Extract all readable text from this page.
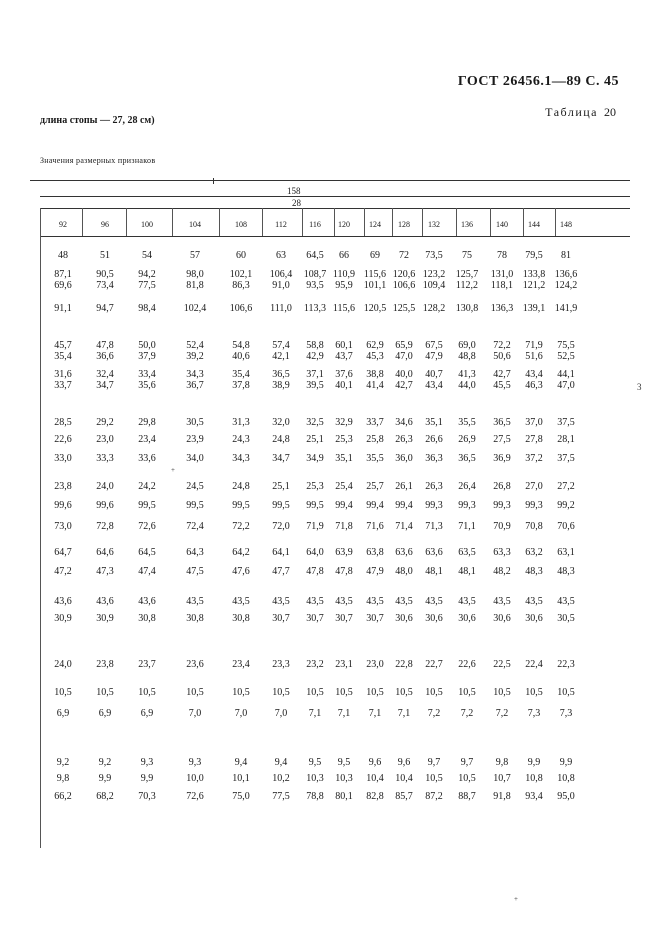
ГОСТ 26456.1—89 С. 45
длина стопы — 27, 28 см)
Таблица 20
Значения размерных признаков
158
28
92	96	100	104	108	112	116	120	124	128	132	136	140	144	148
48	51	54	57	60	63	64,5	66	69	72	73,5	75	78	79,5	81
87,1	90,5	94,2	98,0	102,1	106,4	108,7 110,9 115,6 120,6 123,2	125,7	131,0 133,8 136,6
69,6	73,4	77,5	81,8	86,3	91,0	93,5	95,9	101,1 106,6 109,4	112,2	118,1 121,2 124,2
91,1	94,7	98,4	102,4	106,6	111,0	113,3 115,6 120,5 125,5 128,2	130,8	136,3 139,1 141,9
45,7	47,8	50,0	52,4	54,8	57,4	58,8	60,1	62,9	65,9	67,5	69,0	72,2	71,9	75,5
35,4	36,6	37,9	39,2	40,6	42,1	42,9	43,7	45,3	47,0	47,9	48,8	50,6	51,6	52,5
31,6	32,4	33,4	34,3	35,4	36,5	37,1	37,6	38,8	40,0	40,7	41,3	42,7	43,4	44,1
33,7	34,7	35,6	36,7	37,8	38,9	39,5	40,1	41,4	42,7	43,4	44,0	45,5	46,3	47,0
28,5	29,2	29,8	30,5	31,3	32,0	32,5	32,9	33,7	34,6	35,1	35,5	36,5	37,0	37,5
22,6	23,0	23,4	23,9	24,3	24,8	25,1	25,3	25,8	26,3	26,6	26,9	27,5	27,8	28,1
33,0	33,3	33,6	34,0	34,3	34,7	34,9	35,1	35,5	36,0	36,3	36,5	36,9	37,2	37,5
23,8	24,0	24,2	24,5	24,8	25,1	25,3	25,4	25,7	26,1	26,3	26,4	26,8	27,0	27,2
99,6	99,6	99,5	99,5	99,5	99,5	99,5	99,4	99,4	99,4	99,3	99,3	99,3	99,3	99,2
73,0	72,8	72,6	72,4	72,2	72,0	71,9	71,8	71,6	71,4	71,3	71,1	70,9	70,8	70,6
64,7	64,6	64,5	64,3	64,2	64,1	64,0	63,9	63,8	63,6	63,6	63,5	63,3	63,2	63,1
47,2	47,3	47,4	47,5	47,6	47,7	47,8	47,8	47,9	48,0	48,1	48,1	48,2	48,3	48,3
43,6	43,6	43,6	43,5	43,5	43,5	43,5	43,5	43,5	43,5	43,5	43,5	43,5	43,5	43,5
30,9	30,9	30,8	30,8	30,8	30,7	30,7	30,7	30,7	30,6	30,6	30,6	30,6	30,6	30,5
24,0	23,8	23,7	23,6	23,4	23,3	23,2	23,1	23,0	22,8	22,7	22,6	22,5	22,4	22,3
10,5	10,5	10,5	10,5	10,5	10,5	10,5	10,5	10,5	10,5	10,5	10,5	10,5	10,5	10,5
6,9	6,9	6,9	7,0	7,0	7,0	7,1	7,1	7,1	7,1	7,2	7,2	7,2	7,3	7,3
9,2	9,2	9,3	9,3	9,4	9,4	9,5	9,5	9,6	9,6	9,7	9,7	9,8	9,9	9,9
9,8	9,9	9,9	10,0	10,1	10,2	10,3	10,3	10,4	10,4	10,5	10,5	10,7	10,8	10,8
66,2	68,2	70,3	72,6	75,0	77,5	78,8	80,1	82,8	85,7	87,2	88,7	91,8	93,4	95,0
3
+
+
